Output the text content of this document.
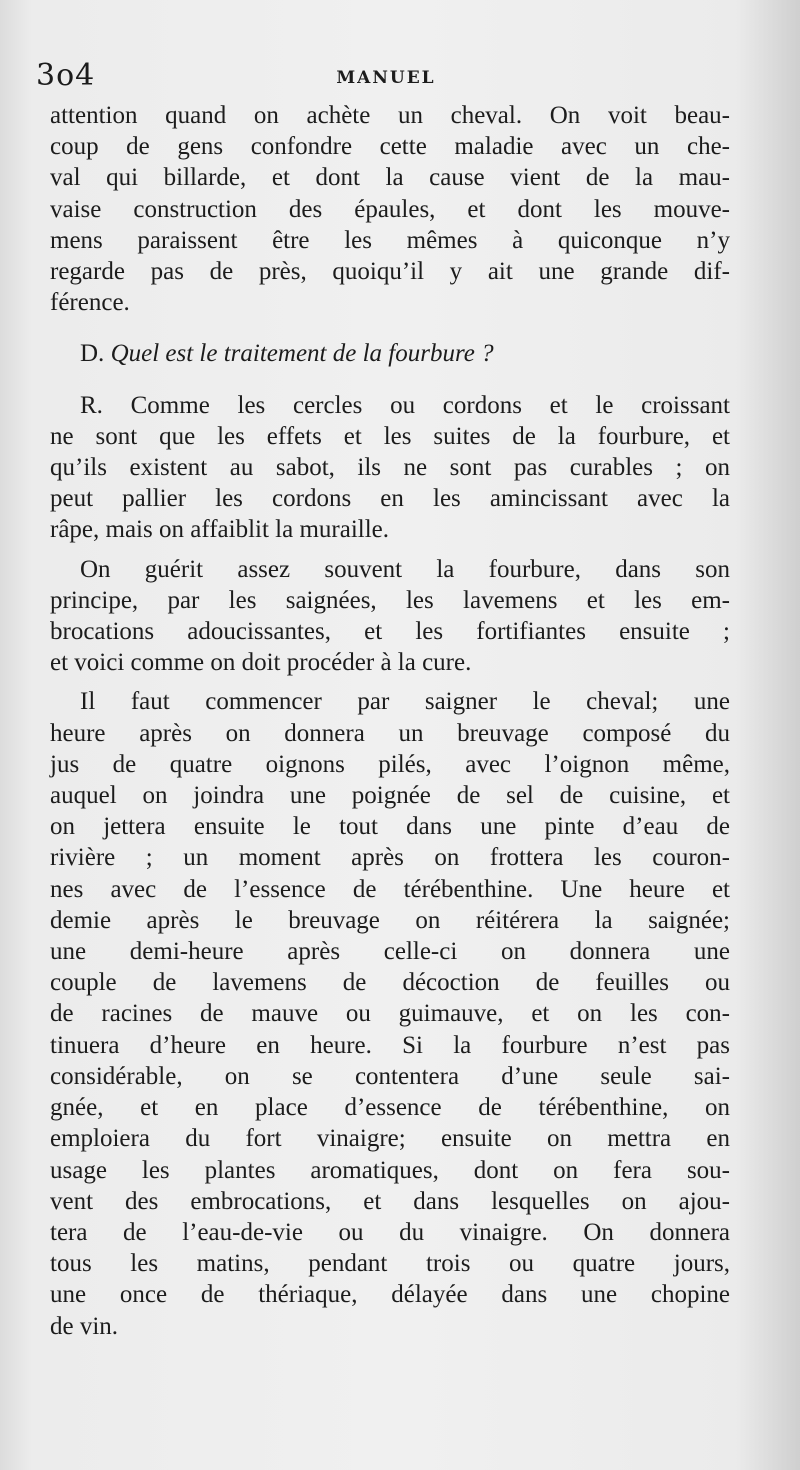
3o4	MANUEL
attention quand on achète un cheval. On voit beau-
coup de gens confondre cette maladie avec un che-
val qui billarde, et dont la cause vient de la mau-
vaise construction des épaules, et dont les mouve-
mens paraissent être les mêmes à quiconque n’y
regarde pas de près, quoiqu’il y ait une grande dif-
férence.
D. Quel est le traitement de la fourbure ?
R. Comme les cercles ou cordons et le croissant
ne sont que les effets et les suites de la fourbure, et
qu’ils existent au sabot, ils ne sont pas curables ; on
peut pallier les cordons en les amincissant avec la
râpe, mais on affaiblit la muraille.
On guérit assez souvent la fourbure, dans son
principe, par les saignées, les lavemens et les em-
brocations adoucissantes, et les fortifiantes ensuite ;
et voici comme on doit procéder à la cure.
Il faut commencer par saigner le cheval; une
heure après on donnera un breuvage composé du
jus de quatre oignons pilés, avec l’oignon même,
auquel on joindra une poignée de sel de cuisine, et
on jettera ensuite le tout dans une pinte d’eau de
rivière ; un moment après on frottera les couron-
nes avec de l’essence de térébenthine. Une heure et
demie après le breuvage on réitérera la saignée;
une demi-heure après celle-ci on donnera une
couple de lavemens de décoction de feuilles ou
de racines de mauve ou guimauve, et on les con-
tinuera d’heure en heure. Si la fourbure n’est pas
considérable, on se contentera d’une seule sai-
gnée, et en place d’essence de térébenthine, on
emploiera du fort vinaigre; ensuite on mettra en
usage les plantes aromatiques, dont on fera sou-
vent des embrocations, et dans lesquelles on ajou-
tera de l’eau-de-vie ou du vinaigre. On donnera
tous les matins, pendant trois ou quatre jours,
une once de thériaque, délayée dans une chopine
de vin.
